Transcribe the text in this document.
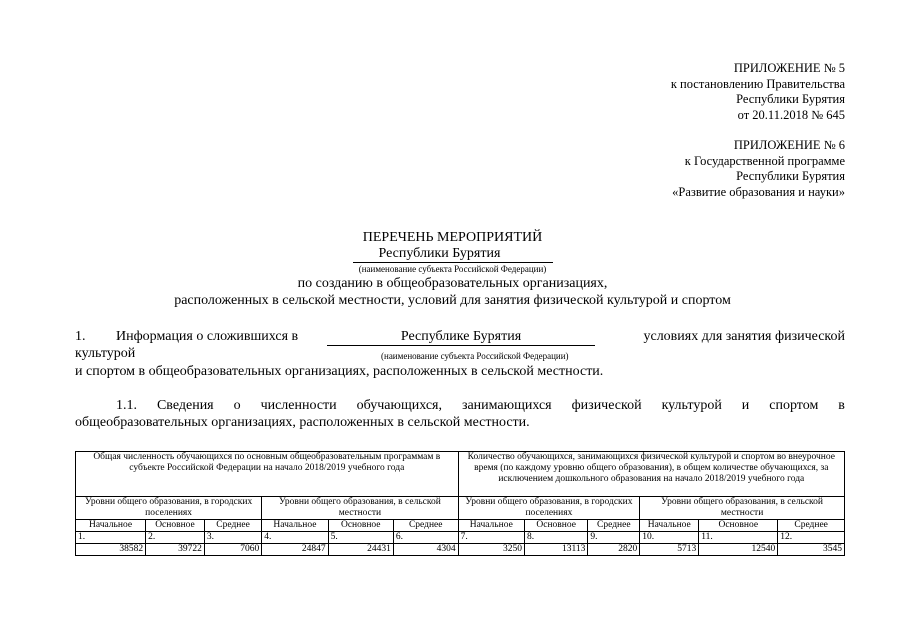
ПРИЛОЖЕНИЕ № 5
к постановлению Правительства
Республики Бурятия
от 20.11.2018 № 645
ПРИЛОЖЕНИЕ № 6
к Государственной программе
Республики Бурятия
«Развитие образования и науки»
ПЕРЕЧЕНЬ МЕРОПРИЯТИЙ
Республики Бурятия
(наименование субъекта Российской Федерации)
по созданию в общеобразовательных организациях,
расположенных в сельской местности, условий для занятия физической культурой и спортом
1. Информация о сложившихся в	Республике Бурятия	условиях для занятия физической
культурой	(наименование субъекта Российской Федерации)
и спортом в общеобразовательных организациях, расположенных в сельской местности.
1.1. Сведения о численности обучающихся, занимающихся физической культурой и спортом в
общеобразовательных организациях, расположенных в сельской местности.
Общая численность обучающихся по основным общеобразовательным программам в субъекте Российской Федерации на начало 2018/2019 учебного года						Количество обучающихся, занимающихся физической культурой и спортом во внеурочное время (по каждому уровню общего образования), в общем количестве обучающихся, за исключением дошкольного образования на начало 2018/2019 учебного года					
Уровни общего образования, в городских поселениях			Уровни общего образования, в сельской местности			Уровни общего образования, в городских поселениях			Уровни общего образования, в сельской местности		
Начальное	Основное	Среднее	Начальное	Основное	Среднее	Начальное	Основное	Среднее	Начальное	Основное	Среднее
1.	2.	3.	4.	5.	6.	7.	8.	9.	10.	11.	12.
38582	39722	7060	24847	24431	4304	3250	13113	2820	5713	12540	3545
